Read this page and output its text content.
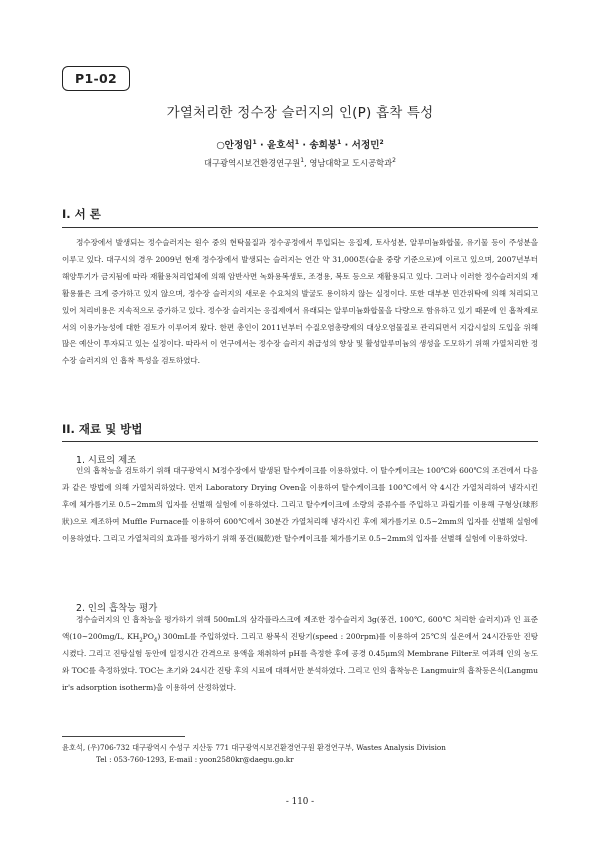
P1-02
가열처리한 정수장 슬러지의 인(P) 흡착 특성
○안정임$^1$ · 윤호석$^1$ · 송희봉$^1$ · 서정민$^2$
대구광역시보건환경연구원$^1$, 영남대학교 도시공학과$^2$
I. 서 론
정수장에서 발생되는 정수슬러지는 원수 중의 현탁물질과 정수공정에서 투입되는 응집제, 토사성분, 알루미늄화합물, 유기물 등이 주성분을 이루고 있다. 대구시의 경우 2009년 현재 정수장에서 발생되는 슬러지는 연간 약 31,000톤(습윤 중량 기준으로)에 이르고 있으며, 2007년부터 해양투기가 금지됨에 따라 재활용처리업체에 의해 암반사면 녹화용복생토, 조경용, 복토 등으로 재활용되고 있다. 그러나 이러한 정수슬러지의 재활용률은 크게 증가하고 있지 않으며, 정수장 슬러지의 새로운 수요처의 발굴도 용이하지 않는 실정이다. 또한 대부분 민간위탁에 의해 처리되고 있어 처리비용은 지속적으로 증가하고 있다. 정수장 슬러지는 응집제에서 유래되는 알루미늄화합물을 다량으로 함유하고 있기 때문에 인 흡착제로서의 이용가능성에 대한 검토가 이루어져 왔다. 한편 총인이 2011년부터 수질오염총량제의 대상오염물질로 관리되면서 지갑시설의 도입을 위해 많은 예산이 투자되고 있는 실정이다. 따라서 이 연구에서는 정수장 슬러지 취급성의 향상 및 활성알루미늄의 생성을 도모하기 위해 가열처리한 정수장 슬러지의 인 흡착 특성을 검토하였다.
II. 재료 및 방법
1. 시료의 제조
인의 흡착능을 검토하기 위해 대구광역시 M정수장에서 발생된 탈수케이크를 이용하였다. 이 탈수케이크는 100℃와 600℃의 조건에서 다음과 같은 방법에 의해 가열처리하였다. 먼저 Laboratory Drying Oven을 이용하여 탈수케이크를 100℃에서 약 4시간 가열처리하여 냉각시킨 후에 체가름기로 0.5~2mm의 입자를 선별해 실험에 이용하였다. 그리고 탈수케이크에 소량의 증류수를 주입하고 과립기를 이용해 구형상(球形狀)으로 제조하여 Muffle Furnace를 이용하여 600℃에서 30분간 가열처리해 냉각시킨 후에 체가름기로 0.5~2mm의 입자를 선별해 실험에 이용하였다. 그리고 가열처리의 효과를 평가하기 위해 풍건(風乾)한 탈수케이크를 체가름기로 0.5~2mm의 입자를 선별해 실험에 이용하였다.
2. 인의 흡착능 평가
정수슬러지의 인 흡착능을 평가하기 위해 500mL의 삼각플라스크에 제조한 정수슬러지 3g(풍건, 100℃, 600℃ 처리한 슬러지)과 인 표준액(10~200mg/L, $KH_2PO_4$) 300mL를 주입하였다. 그리고 왕복식 진탕기(speed : 200rpm)를 이용하여 25℃의 실온에서 24시간동안 진탕시켰다. 그리고 진탕실험 동안에 일정시간 간격으로 용액을 채취하여 pH를 측정한 후에 공경 0.45μm의 Membrane Filter로 여과해 인의 농도와 TOC를 측정하였다. TOC는 초기와 24시간 진탕 후의 시료에 대해서만 분석하였다. 그리고 인의 흡착능은 Langmuir의 흡착등온식(Langmuir's adsorption isotherm)을 이용하여 산정하였다.
윤호석, (우)706-732 대구광역시 수성구 지산동 771 대구광역시보건환경연구원 환경연구부, Wastes Analysis Division
Tel : 053-760-1293, E-mail : yoon2580kr@daegu.go.kr
- 110 -
